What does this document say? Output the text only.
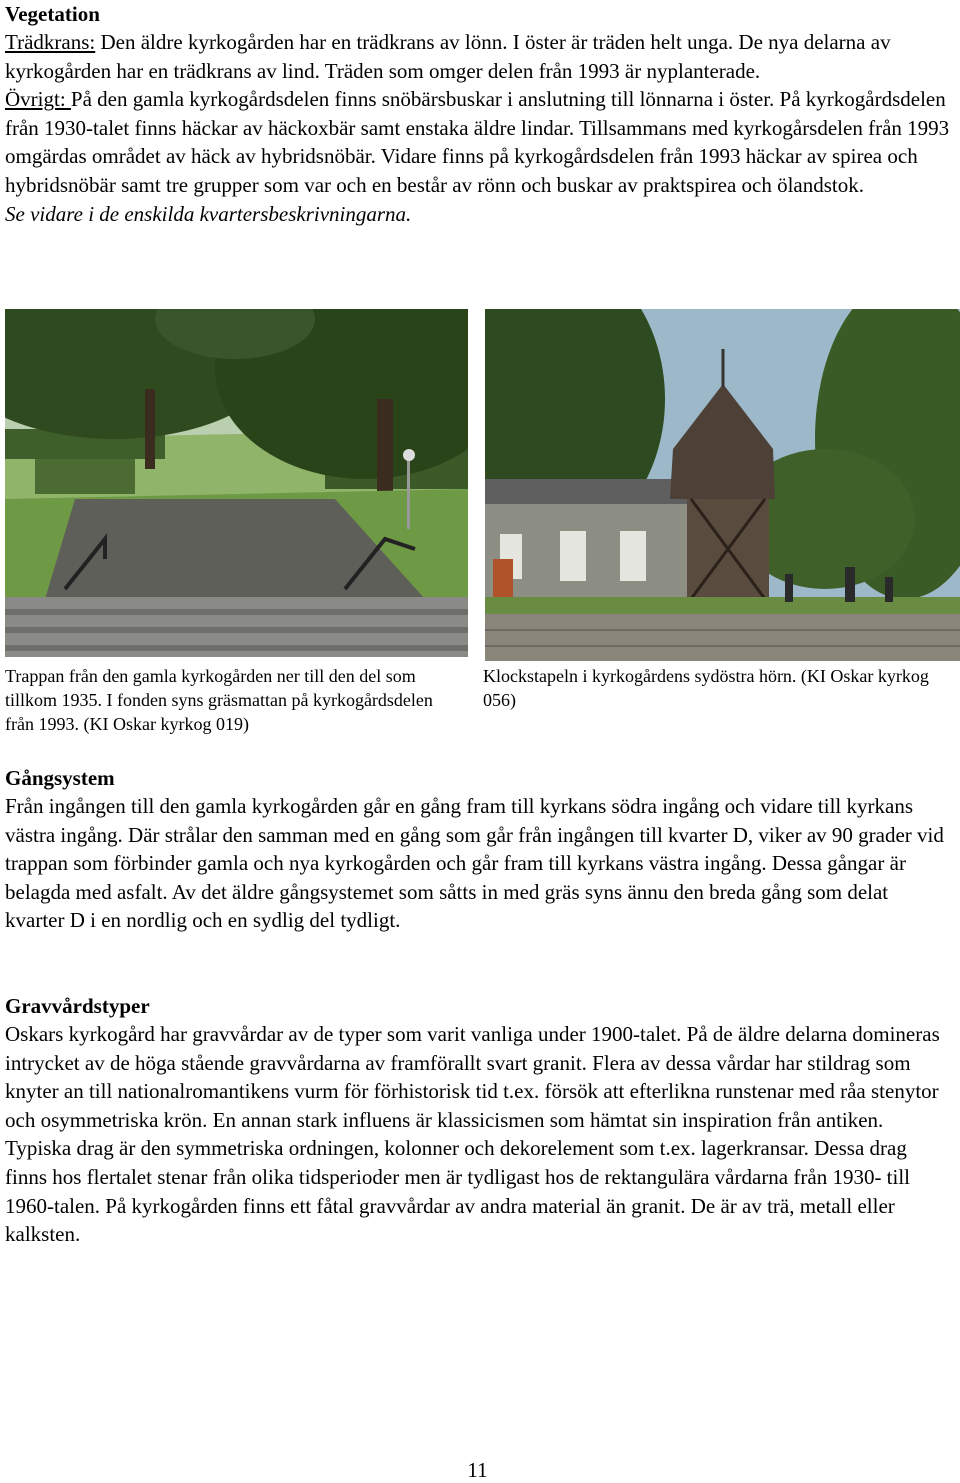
Vegetation

Trädkrans: Den äldre kyrkogården har en trädkrans av lönn. I öster är träden helt unga. De nya delarna av kyrkogården har en trädkrans av lind. Träden som omger delen från 1993 är nyplanterade.

Övrigt: På den gamla kyrkogårdsdelen finns snöbärsbuskar i anslutning till lönnarna i öster. På kyrkogårdsdelen från 1930-talet finns häckar av häckoxbär samt enstaka äldre lindar. Tillsammans med kyrkogårsdelen från 1993 omgärdas området av häck av hybridsnöbär. Vidare finns på kyrkogårdsdelen från 1993 häckar av spirea och hybridsnöbär samt tre grupper som var och en består av rönn och buskar av praktspirea och ölandstok.

Se vidare i de enskilda kvartersbeskrivningarna.

Trappan från den gamla kyrkogården ner till den del som tillkom 1935. I fonden syns gräsmattan på kyrkogårdsdelen från 1993. (KI Oskar kyrkog 019)
Klockstapeln i kyrkogårdens sydöstra hörn. (KI Oskar kyrkog 056)
Gångsystem

Från ingången till den gamla kyrkogården går en gång fram till kyrkans södra ingång och vidare till kyrkans västra ingång. Där strålar den samman med en gång som går från ingången till kvarter D, viker av 90 grader vid trappan som förbinder gamla och nya kyrkogården och går fram till kyrkans västra ingång. Dessa gångar är belagda med asfalt. Av det äldre gångsystemet som såtts in med gräs syns ännu den breda gång som delat kvarter D i en nordlig och en sydlig del tydligt.

Gravvårdstyper

Oskars kyrkogård har gravvårdar av de typer som varit vanliga under 1900-talet. På de äldre delarna domineras intrycket av de höga stående gravvårdarna av framförallt svart granit. Flera av dessa vårdar har stildrag som knyter an till nationalromantikens vurm för förhistorisk tid t.ex. försök att efterlikna runstenar med råa stenytor och osymmetriska krön. En annan stark influens är klassicismen som hämtat sin inspiration från antiken. Typiska drag är den symmetriska ordningen, kolonner och dekorelement som t.ex. lagerkransar. Dessa drag finns hos flertalet stenar från olika tidsperioder men är tydligast hos de rektangulära vårdarna från 1930- till 1960-talen. På kyrkogården finns ett fåtal gravvårdar av andra material än granit. De är av trä, metall eller kalksten.

11
